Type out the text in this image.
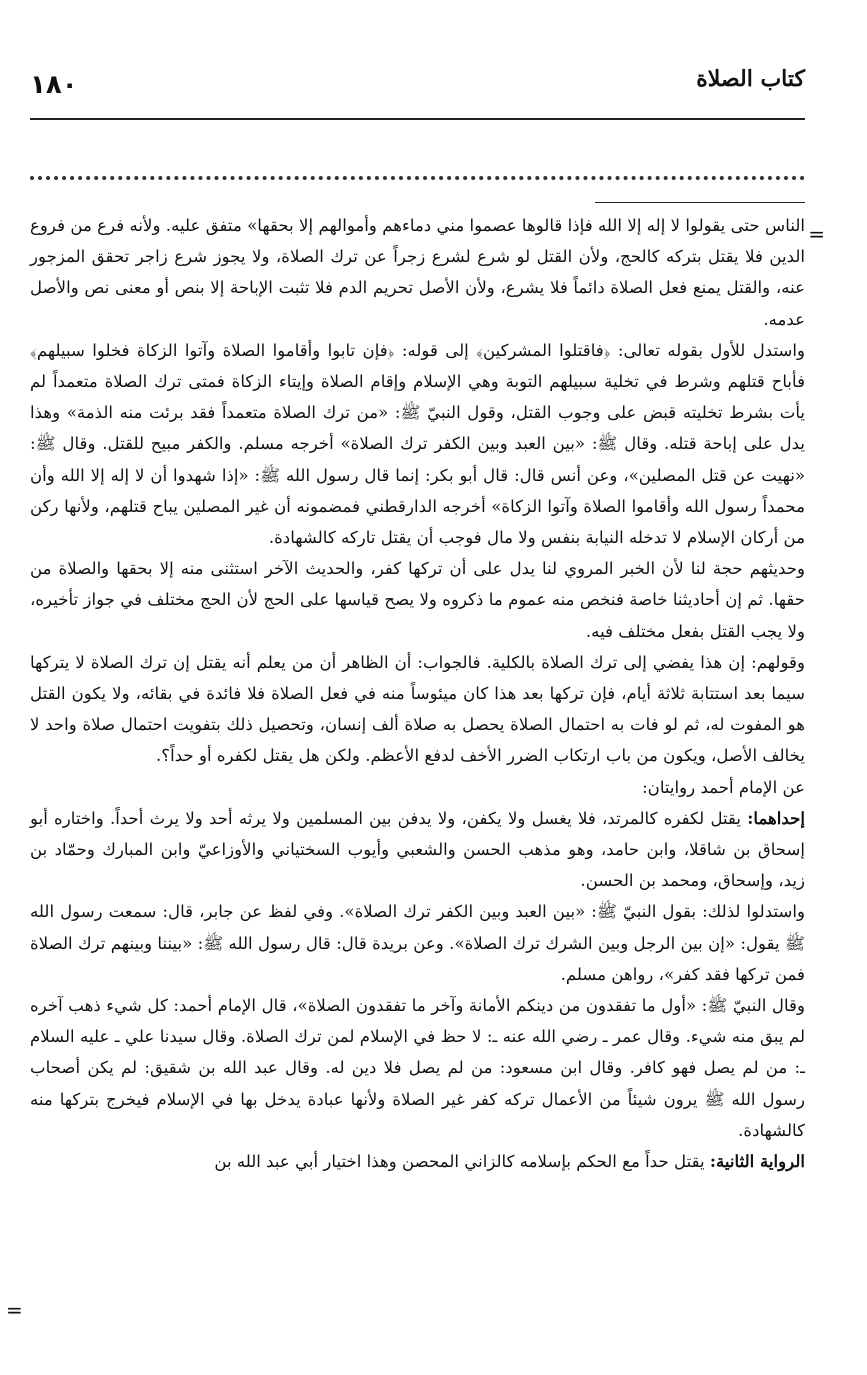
١٨٠	كتاب الصلاة
=

الناس حتى يقولوا لا إله إلا الله فإذا قالوها عصموا مني دماءهم وأموالهم إلا بحقها» متفق عليه. ولأنه فرع من فروع الدين فلا يقتل بتركه كالحج، ولأن القتل لو شرع لشرع زجراً عن ترك الصلاة، ولا يجوز شرع زاجر تحقق المزجور عنه، والقتل يمنع فعل الصلاة دائماً فلا يشرع، ولأن الأصل تحريم الدم فلا تثبت الإباحة إلا بنص أو معنى نص والأصل عدمه.

واستدل للأول بقوله تعالى: ﴿فاقتلوا المشركين﴾ إلى قوله: ﴿فإن تابوا وأقاموا الصلاة وآتوا الزكاة فخلوا سبيلهم﴾ فأباح قتلهم وشرط في تخلية سبيلهم التوبة وهي الإسلام وإقام الصلاة وإيتاء الزكاة فمتى ترك الصلاة متعمداً لم يأت بشرط تخليته قبض على وجوب القتل، وقول النبيّ ﷺ: «من ترك الصلاة متعمداً فقد برئت منه الذمة» وهذا يدل على إباحة قتله. وقال ﷺ: «بين العبد وبين الكفر ترك الصلاة» أخرجه مسلم. والكفر مبيح للقتل. وقال ﷺ: «نهيت عن قتل المصلين»، وعن أنس قال: قال أبو بكر: إنما قال رسول الله ﷺ: «إذا شهدوا أن لا إله إلا الله وأن محمداً رسول الله وأقاموا الصلاة وآتوا الزكاة» أخرجه الدارقطني فمضمونه أن غير المصلين يباح قتلهم، ولأنها ركن من أركان الإسلام لا تدخله النيابة بنفس ولا مال فوجب أن يقتل تاركه كالشهادة.

وحديثهم حجة لنا لأن الخبر المروي لنا يدل على أن تركها كفر، والحديث الآخر استثنى منه إلا بحقها والصلاة من حقها. ثم إن أحاديثنا خاصة فنخص منه عموم ما ذكروه ولا يصح قياسها على الحج لأن الحج مختلف في جواز تأخيره، ولا يجب القتل بفعل مختلف فيه.

وقولهم: إن هذا يفضي إلى ترك الصلاة بالكلية. فالجواب: أن الظاهر أن من يعلم أنه يقتل إن ترك الصلاة لا يتركها سيما بعد استتابة ثلاثة أيام، فإن تركها بعد هذا كان ميئوساً منه في فعل الصلاة فلا فائدة في بقائه، ولا يكون القتل هو المفوت له، ثم لو فات به احتمال الصلاة يحصل به صلاة ألف إنسان، وتحصيل ذلك بتفويت احتمال صلاة واحد لا يخالف الأصل، ويكون من باب ارتكاب الضرر الأخف لدفع الأعظم. ولكن هل يقتل لكفره أو حداً؟.

عن الإمام أحمد روايتان:

إحداهما: يقتل لكفره كالمرتد، فلا يغسل ولا يكفن، ولا يدفن بين المسلمين ولا يرثه أحد ولا يرث أحداً. واختاره أبو إسحاق بن شاقلا، وابن حامد، وهو مذهب الحسن والشعبي وأيوب السختياني والأوزاعيّ وابن المبارك وحمّاد بن زيد، وإسحاق، ومحمد بن الحسن.

واستدلوا لذلك: بقول النبيّ ﷺ: «بين العبد وبين الكفر ترك الصلاة». وفي لفظ عن جابر، قال: سمعت رسول الله ﷺ يقول: «إن بين الرجل وبين الشرك ترك الصلاة». وعن بريدة قال: قال رسول الله ﷺ: «بيننا وبينهم ترك الصلاة فمن تركها فقد كفر»، رواهن مسلم.

وقال النبيّ ﷺ: «أول ما تفقدون من دينكم الأمانة وآخر ما تفقدون الصلاة»، قال الإمام أحمد: كل شيء ذهب آخره لم يبق منه شيء. وقال عمر ـ رضي الله عنه ـ: لا حظ في الإسلام لمن ترك الصلاة. وقال سيدنا علي ـ عليه السلام ـ: من لم يصل فهو كافر. وقال ابن مسعود: من لم يصل فلا دين له. وقال عبد الله بن شقيق: لم يكن أصحاب رسول الله ﷺ يرون شيئاً من الأعمال تركه كفر غير الصلاة ولأنها عبادة يدخل بها في الإسلام فيخرج بتركها منه كالشهادة.

الرواية الثانية: يقتل حداً مع الحكم بإسلامه كالزاني المحصن وهذا اختيار أبي عبد الله بن

=
